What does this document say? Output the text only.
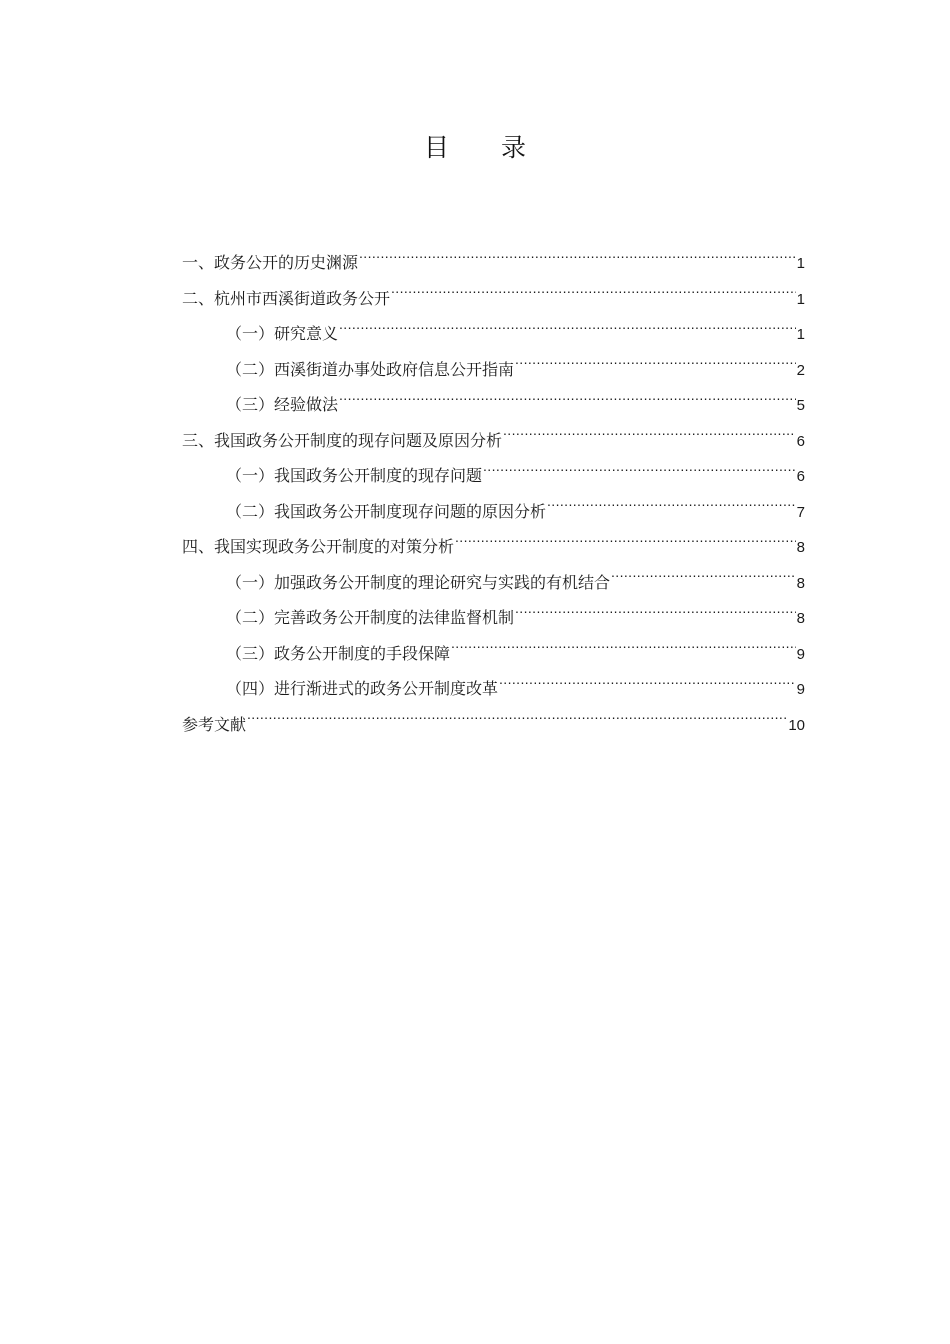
目 录
一、政务公开的历史渊源 .....	1
二、杭州市西溪街道政务公开 .....	1
（一）研究意义 .....	1
（二）西溪街道办事处政府信息公开指南 .....	2
（三）经验做法 .....	5
三、我国政务公开制度的现存问题及原因分析 .....	6
（一）我国政务公开制度的现存问题 .....	6
（二）我国政务公开制度现存问题的原因分析 .....	7
四、我国实现政务公开制度的对策分析 .....	8
（一）加强政务公开制度的理论研究与实践的有机结合 .....	8
（二）完善政务公开制度的法律监督机制 .....	8
（三）政务公开制度的手段保障 .....	9
（四）进行渐进式的政务公开制度改革 .....	9
参考文献 .....	10
